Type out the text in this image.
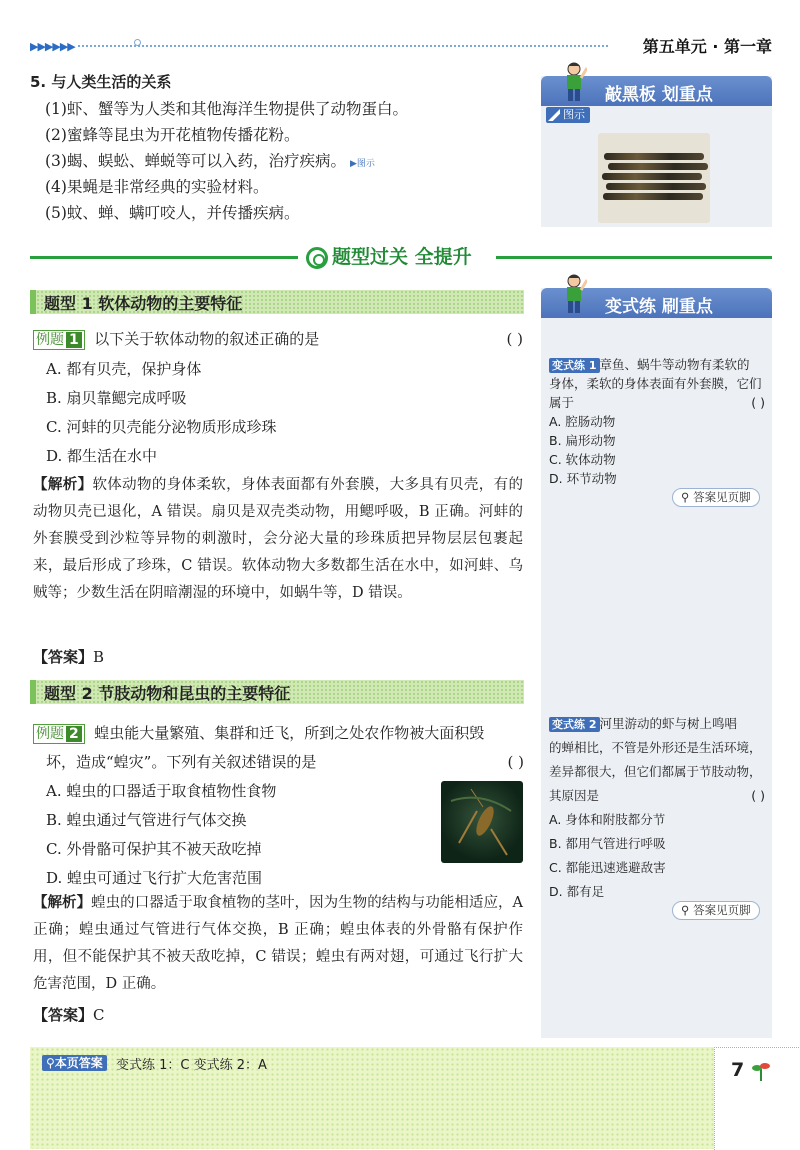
▶▶▶▶▶▶	第五单元 · 第一章
5. 与人类生活的关系
(1)虾、蟹等为人类和其他海洋生物提供了动物蛋白。
(2)蜜蜂等昆虫为开花植物传播花粉。
(3)蝎、蜈蚣、蝉蜕等可以入药，治疗疾病。 ▶图示
(4)果蝇是非常经典的实验材料。
(5)蚊、蝉、螨叮咬人，并传播疾病。
敲黑板 划重点
图示
题型过关 全提升
变式练 刷重点
变式练 1 章鱼、蜗牛等动物有柔软的
身体，柔软的身体表面有外套膜，它们
属于	( )
A. 腔肠动物
B. 扁形动物
C. 软体动物
D. 环节动物
⚲ 答案见页脚
变式练 2 河里游动的虾与树上鸣唱
的蝉相比，不管是外形还是生活环境，
差异都很大，但它们都属于节肢动物，
其原因是	( )
A. 身体和附肢都分节
B. 都用气管进行呼吸
C. 都能迅速逃避敌害
D. 都有足
⚲ 答案见页脚
题型 1 软体动物的主要特征
例题 1 以下关于软体动物的叙述正确的是	( )
A. 都有贝壳，保护身体
B. 扇贝靠鳃完成呼吸
C. 河蚌的贝壳能分泌物质形成珍珠
D. 都生活在水中
【解析】软体动物的身体柔软，身体表面都有外套膜，大多具有贝壳，有的动物贝壳已退化，A 错误。扇贝是双壳类动物，用鳃呼吸，B 正确。河蚌的外套膜受到沙粒等异物的刺激时，会分泌大量的珍珠质把异物层层包裹起来，最后形成了珍珠，C 错误。软体动物大多数都生活在水中，如河蚌、乌贼等；少数生活在阴暗潮湿的环境中，如蜗牛等，D 错误。
【答案】B
题型 2 节肢动物和昆虫的主要特征
例题 2 蝗虫能大量繁殖、集群和迁飞，所到之处农作物被大面积毁
坏，造成“蝗灾”。下列有关叙述错误的是	( )
A. 蝗虫的口器适于取食植物性食物
B. 蝗虫通过气管进行气体交换
C. 外骨骼可保护其不被天敌吃掉
D. 蝗虫可通过飞行扩大危害范围
【解析】蝗虫的口器适于取食植物的茎叶，因为生物的结构与功能相适应，A 正确；蝗虫通过气管进行气体交换，B 正确；蝗虫体表的外骨骼有保护作用，但不能保护其不被天敌吃掉，C 错误；蝗虫有两对翅，可通过飞行扩大危害范围，D 正确。
【答案】C
⚲本页答案	变式练 1：C 变式练 2：A	7
